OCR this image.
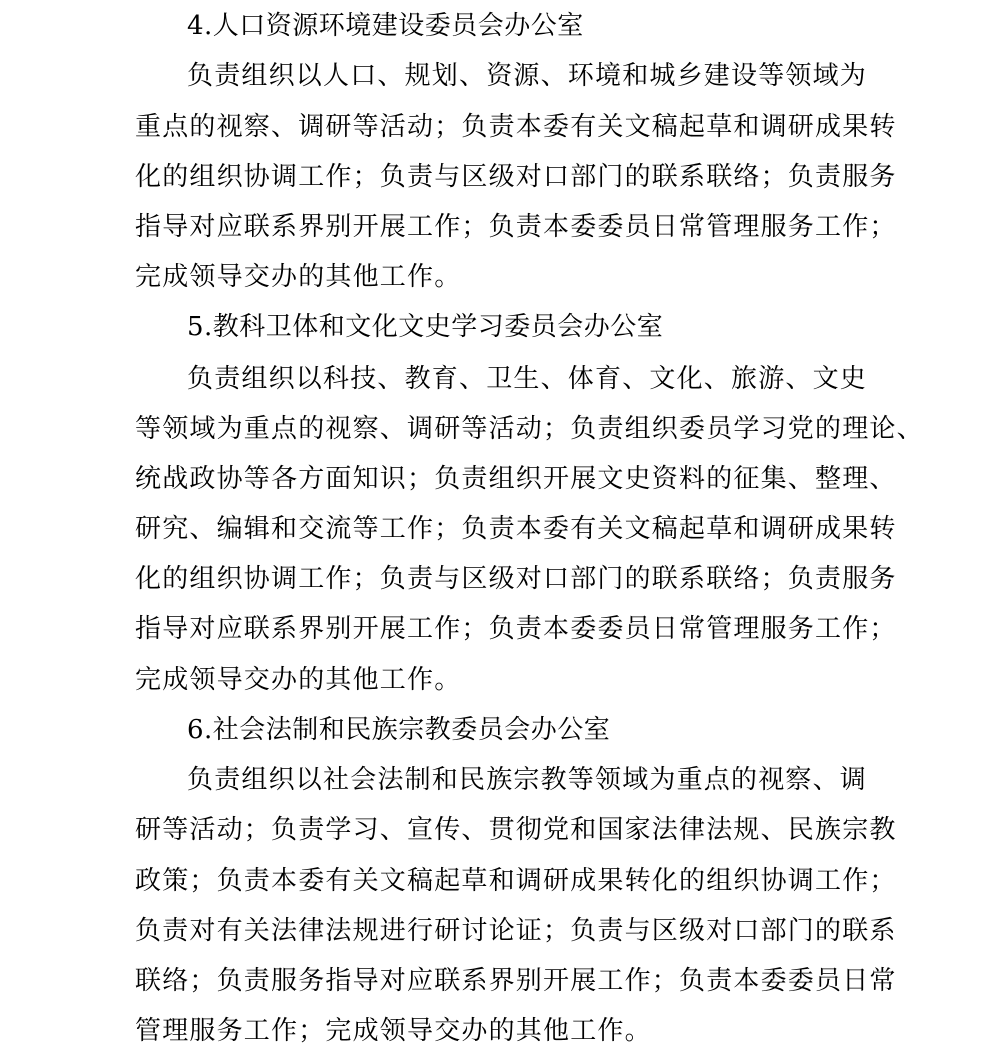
4.人口资源环境建设委员会办公室
负责组织以人口、规划、资源、环境和城乡建设等领域为
重点的视察、调研等活动；负责本委有关文稿起草和调研成果转
化的组织协调工作；负责与区级对口部门的联系联络；负责服务
指导对应联系界别开展工作；负责本委委员日常管理服务工作；
完成领导交办的其他工作。
5.教科卫体和文化文史学习委员会办公室
负责组织以科技、教育、卫生、体育、文化、旅游、文史
等领域为重点的视察、调研等活动；负责组织委员学习党的理论、
统战政协等各方面知识；负责组织开展文史资料的征集、整理、
研究、编辑和交流等工作；负责本委有关文稿起草和调研成果转
化的组织协调工作；负责与区级对口部门的联系联络；负责服务
指导对应联系界别开展工作；负责本委委员日常管理服务工作；
完成领导交办的其他工作。
6.社会法制和民族宗教委员会办公室
负责组织以社会法制和民族宗教等领域为重点的视察、调
研等活动；负责学习、宣传、贯彻党和国家法律法规、民族宗教
政策；负责本委有关文稿起草和调研成果转化的组织协调工作；
负责对有关法律法规进行研讨论证；负责与区级对口部门的联系
联络；负责服务指导对应联系界别开展工作；负责本委委员日常
管理服务工作；完成领导交办的其他工作。
